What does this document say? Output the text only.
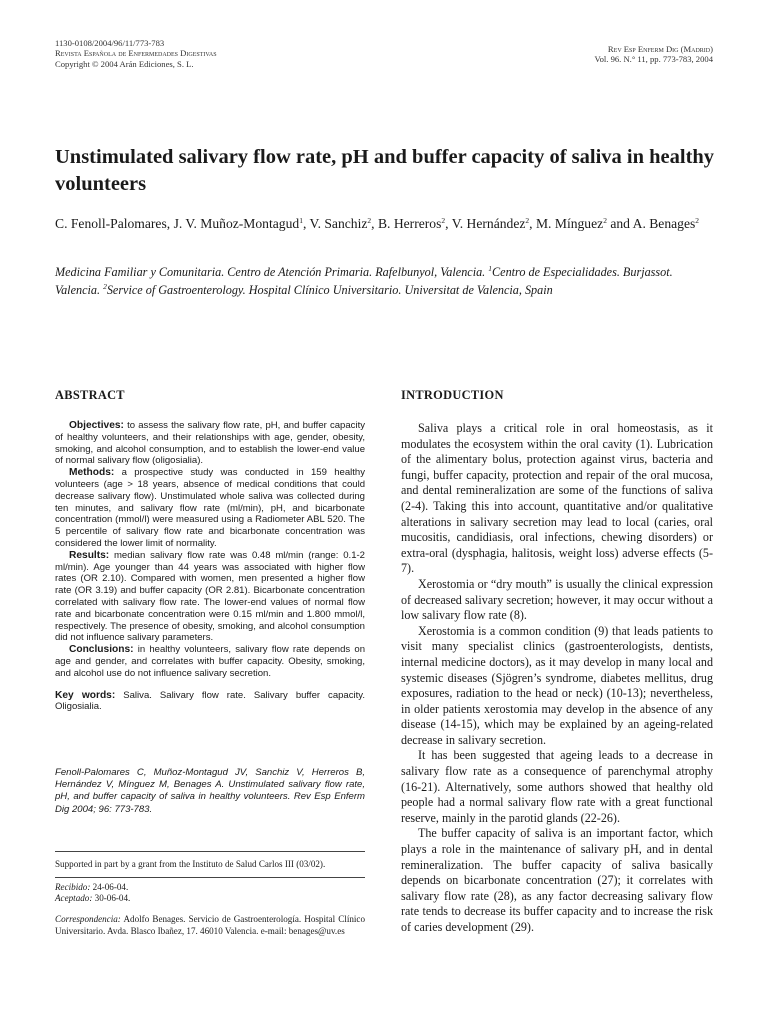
1130-0108/2004/96/11/773-783
Revista Española de Enfermedades Digestivas
Copyright © 2004 Arán Ediciones, S. L.
Rev Esp Enferm Dig (Madrid)
Vol. 96. N.° 11, pp. 773-783, 2004
Unstimulated salivary flow rate, pH and buffer capacity of saliva in healthy volunteers

C. Fenoll-Palomares, J. V. Muñoz-Montagud$^1$, V. Sanchiz$^2$, B. Herreros$^2$, V. Hernández$^2$, M. Mínguez$^2$ and A. Benages$^2$

Medicina Familiar y Comunitaria. Centro de Atención Primaria. Rafelbunyol, Valencia. $^1$Centro de Especialidades. Burjassot. Valencia. $^2$Service of Gastroenterology. Hospital Clínico Universitario. Universitat de Valencia, Spain

ABSTRACT

Objectives: to assess the salivary flow rate, pH, and buffer capacity of healthy volunteers, and their relationships with age, gender, obesity, smoking, and alcohol consumption, and to establish the lower-end value of normal salivary flow (oligosialia).

Methods: a prospective study was conducted in 159 healthy volunteers (age > 18 years, absence of medical conditions that could decrease salivary flow). Unstimulated whole saliva was collected during ten minutes, and salivary flow rate (ml/min), pH, and bicarbonate concentration (mmol/l) were measured using a Radiometer ABL 520. The 5 percentile of salivary flow rate and bicarbonate concentration was considered the lower limit of normality.

Results: median salivary flow rate was 0.48 ml/min (range: 0.1-2 ml/min). Age younger than 44 years was associated with higher flow rates (OR 2.10). Compared with women, men presented a higher flow rate (OR 3.19) and buffer capacity (OR 2.81). Bicarbonate concentration correlated with salivary flow rate. The lower-end values of normal flow rate and bicarbonate concentration were 0.15 ml/min and 1.800 mmol/l, respectively. The presence of obesity, smoking, and alcohol consumption did not influence salivary parameters.

Conclusions: in healthy volunteers, salivary flow rate depends on age and gender, and correlates with buffer capacity. Obesity, smoking, and alcohol use do not influence salivary secretion.

Key words: Saliva. Salivary flow rate. Salivary buffer capacity. Oligosialia.

Fenoll-Palomares C, Muñoz-Montagud JV, Sanchiz V, Herreros B, Hernández V, Mínguez M, Benages A. Unstimulated salivary flow rate, pH, and buffer capacity of saliva in healthy volunteers. Rev Esp Enferm Dig 2004; 96: 773-783.

Supported in part by a grant from the Instituto de Salud Carlos III (03/02).

Recibido: 24-06-04.
Aceptado: 30-06-04.

Correspondencia: Adolfo Benages. Servicio de Gastroenterología. Hospital Clínico Universitario. Avda. Blasco Ibañez, 17. 46010 Valencia. e-mail: benages@uv.es

INTRODUCTION

Saliva plays a critical role in oral homeostasis, as it modulates the ecosystem within the oral cavity (1). Lubrication of the alimentary bolus, protection against virus, bacteria and fungi, buffer capacity, protection and repair of the oral mucosa, and dental remineralization are some of the functions of saliva (2-4). Taking this into account, quantitative and/or qualitative alterations in salivary secretion may lead to local (caries, oral mucositis, candidiasis, oral infections, chewing disorders) or extra-oral (dysphagia, halitosis, weight loss) adverse effects (5-7).

Xerostomia or “dry mouth” is usually the clinical expression of decreased salivary secretion; however, it may occur without a low salivary flow rate (8).

Xerostomia is a common condition (9) that leads patients to visit many specialist clinics (gastroenterologists, dentists, internal medicine doctors), as it may develop in many local and systemic diseases (Sjögren’s syndrome, diabetes mellitus, drug exposures, radiation to the head or neck) (10-13); nevertheless, in older patients xerostomia may develop in the absence of any disease (14-15), which may be explained by an ageing-related decrease in salivary secretion.

It has been suggested that ageing leads to a decrease in salivary flow rate as a consequence of parenchymal atrophy (16-21). Alternatively, some authors showed that healthy old people had a normal salivary flow rate with a great functional reserve, mainly in the parotid glands (22-26).

The buffer capacity of saliva is an important factor, which plays a role in the maintenance of salivary pH, and in dental remineralization. The buffer capacity of saliva basically depends on bicarbonate concentration (27); it correlates with salivary flow rate (28), as any factor decreasing salivary flow rate tends to decrease its buffer capacity and to increase the risk of caries development (29).
